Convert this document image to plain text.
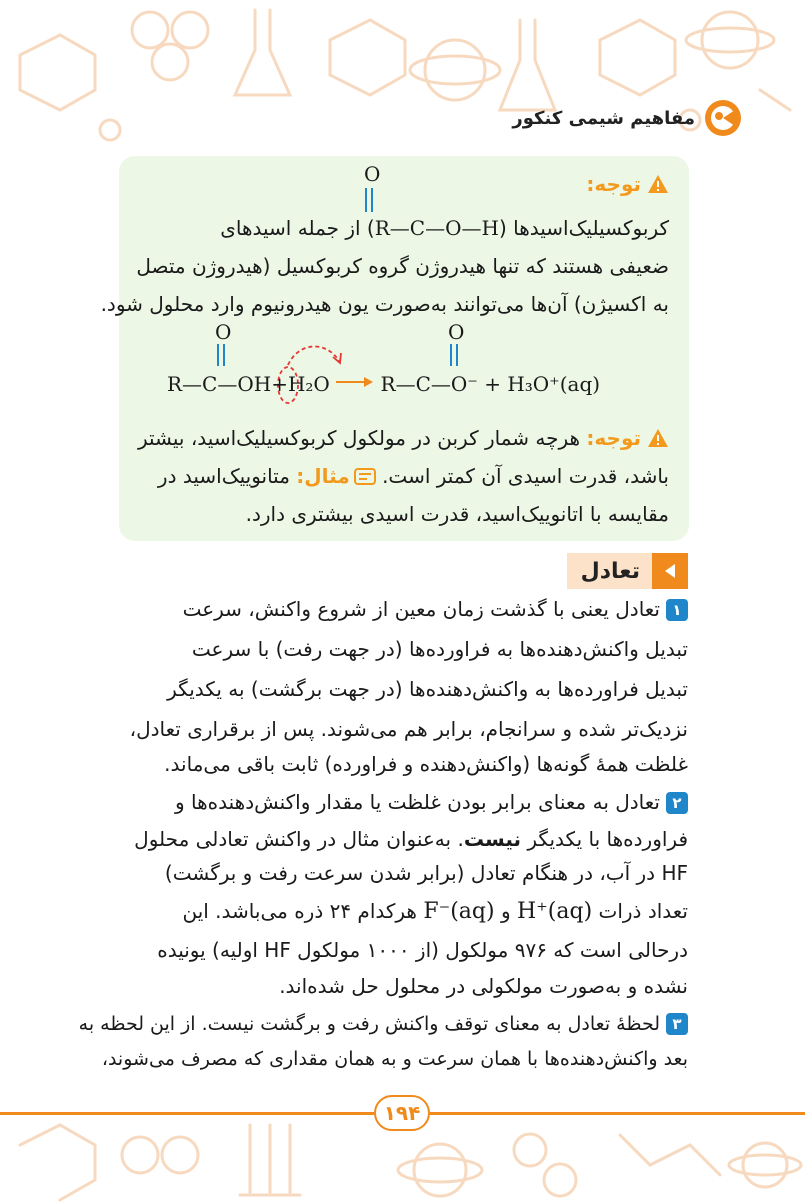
مفاهیم شیمی کنکور
توجه:
O
کربوکسیلیک‌اسیدها (R—C—O—H) از جمله اسیدهای
ضعیفی هستند که تنها هیدروژن گروه کربوکسیل (هیدروژن متصل
به اکسیژن) آن‌ها می‌توانند به‌صورت یون هیدرونیوم وارد محلول شود.
O	O
R—C—OH+H₂O → R—C—O⁻ + H₃O⁺(aq)
توجه: هرچه شمار کربن در مولکول کربوکسیلیک‌اسید، بیشتر
باشد، قدرت اسیدی آن کمتر است. مثال: متانوییک‌اسید در
مقایسه با اتانوییک‌اسید، قدرت اسیدی بیشتری دارد.
تعادل
۱تعادل یعنی با گذشت زمان معین از شروع واکنش، سرعت
تبدیل واکنش‌دهنده‌ها به فراورده‌ها (در جهت رفت) با سرعت
تبدیل فراورده‌ها به واکنش‌دهنده‌ها (در جهت برگشت) به یکدیگر
نزدیک‌تر شده و سرانجام، برابر هم می‌شوند. پس از برقراری تعادل،
غلظت همهٔ گونه‌ها (واکنش‌دهنده و فراورده) ثابت باقی می‌ماند.
۲تعادل به معنای برابر بودن غلظت یا مقدار واکنش‌دهنده‌ها و
فراورده‌ها با یکدیگر نیست. به‌عنوان مثال در واکنش تعادلی محلول
HF در آب، در هنگام تعادل (برابر شدن سرعت رفت و برگشت)
تعداد ذرات H⁺(aq) و F⁻(aq) هرکدام ۲۴ ذره می‌باشد. این
درحالی است که ۹۷۶ مولکول (از ۱۰۰۰ مولکول HF اولیه) یونیده
نشده و به‌صورت مولکولی در محلول حل شده‌اند.
۳لحظهٔ تعادل به معنای توقف واکنش رفت و برگشت نیست. از این لحظه به
بعد واکنش‌دهنده‌ها با همان سرعت و به همان مقداری که مصرف می‌شوند،
۱۹۴
